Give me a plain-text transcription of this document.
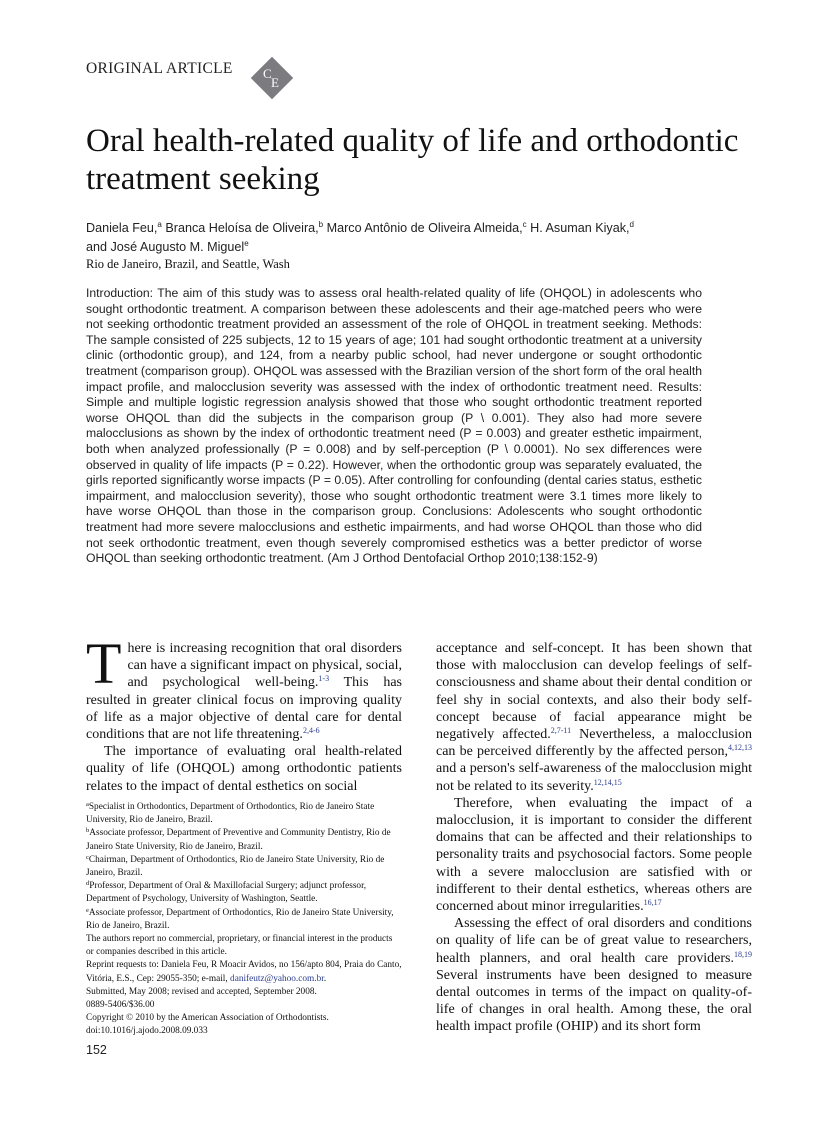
ORIGINAL ARTICLE C
E
Oral health-related quality of life and orthodontic treatment seeking
Daniela Feu,$^a$ Branca Heloísa de Oliveira,$^b$ Marco Antônio de Oliveira Almeida,$^c$ H. Asuman Kiyak,$^d$
and José Augusto M. Miguel$^e$
Rio de Janeiro, Brazil, and Seattle, Wash
Introduction: The aim of this study was to assess oral health-related quality of life (OHQOL) in adolescents who sought orthodontic treatment. A comparison between these adolescents and their age-matched peers who were not seeking orthodontic treatment provided an assessment of the role of OHQOL in treatment seeking. Methods: The sample consisted of 225 subjects, 12 to 15 years of age; 101 had sought orthodontic treatment at a university clinic (orthodontic group), and 124, from a nearby public school, had never undergone or sought orthodontic treatment (comparison group). OHQOL was assessed with the Brazilian version of the short form of the oral health impact profile, and malocclusion severity was assessed with the index of orthodontic treatment need. Results: Simple and multiple logistic regression analysis showed that those who sought orthodontic treatment reported worse OHQOL than did the subjects in the comparison group (P \ 0.001). They also had more severe malocclusions as shown by the index of orthodontic treatment need (P = 0.003) and greater esthetic impairment, both when analyzed professionally (P = 0.008) and by self-perception (P \ 0.0001). No sex differences were observed in quality of life impacts (P = 0.22). However, when the orthodontic group was separately evaluated, the girls reported significantly worse impacts (P = 0.05). After controlling for confounding (dental caries status, esthetic impairment, and malocclusion severity), those who sought orthodontic treatment were 3.1 times more likely to have worse OHQOL than those in the comparison group. Conclusions: Adolescents who sought orthodontic treatment had more severe malocclusions and esthetic impairments, and had worse OHQOL than those who did not seek orthodontic treatment, even though severely compromised esthetics was a better predictor of worse OHQOL than seeking orthodontic treatment. (Am J Orthod Dentofacial Orthop 2010;138:152-9)

There is increasing recognition that oral disorders can have a significant impact on physical, social, and psychological well-being.$^{1-3}$ This has resulted in greater clinical focus on improving quality of life as a major objective of dental care for dental conditions that are not life threatening.$^{2,4-6}$

The importance of evaluating oral health-related quality of life (OHQOL) among orthodontic patients relates to the impact of dental esthetics on social

$^a$Specialist in Orthodontics, Department of Orthodontics, Rio de Janeiro State University, Rio de Janeiro, Brazil.
$^b$Associate professor, Department of Preventive and Community Dentistry, Rio de Janeiro State University, Rio de Janeiro, Brazil.
$^c$Chairman, Department of Orthodontics, Rio de Janeiro State University, Rio de Janeiro, Brazil.
$^d$Professor, Department of Oral & Maxillofacial Surgery; adjunct professor, Department of Psychology, University of Washington, Seattle.
$^e$Associate professor, Department of Orthodontics, Rio de Janeiro State University, Rio de Janeiro, Brazil.
The authors report no commercial, proprietary, or financial interest in the products or companies described in this article.
Reprint requests to: Daniela Feu, R Moacir Avidos, no 156/apto 804, Praia do Canto, Vitória, E.S., Cep: 29055-350; e-mail, danifeutz@yahoo.com.br.
Submitted, May 2008; revised and accepted, September 2008.
0889-5406/$36.00
Copyright © 2010 by the American Association of Orthodontists.
doi:10.1016/j.ajodo.2008.09.033

acceptance and self-concept. It has been shown that those with malocclusion can develop feelings of self-consciousness and shame about their dental condition or feel shy in social contexts, and also their body self-concept because of facial appearance might be negatively affected.$^{2,7-11}$ Nevertheless, a malocclusion can be perceived differently by the affected person,$^{4,12,13}$ and a person's self-awareness of the malocclusion might not be related to its severity.$^{12,14,15}$

Therefore, when evaluating the impact of a malocclusion, it is important to consider the different domains that can be affected and their relationships to personality traits and psychosocial factors. Some people with a severe malocclusion are satisfied with or indifferent to their dental esthetics, whereas others are concerned about minor irregularities.$^{16,17}$

Assessing the effect of oral disorders and conditions on quality of life can be of great value to researchers, health planners, and oral health care providers.$^{18,19}$ Several instruments have been designed to measure dental outcomes in terms of the impact on quality-of-life of changes in oral health. Among these, the oral health impact profile (OHIP) and its short form

152
